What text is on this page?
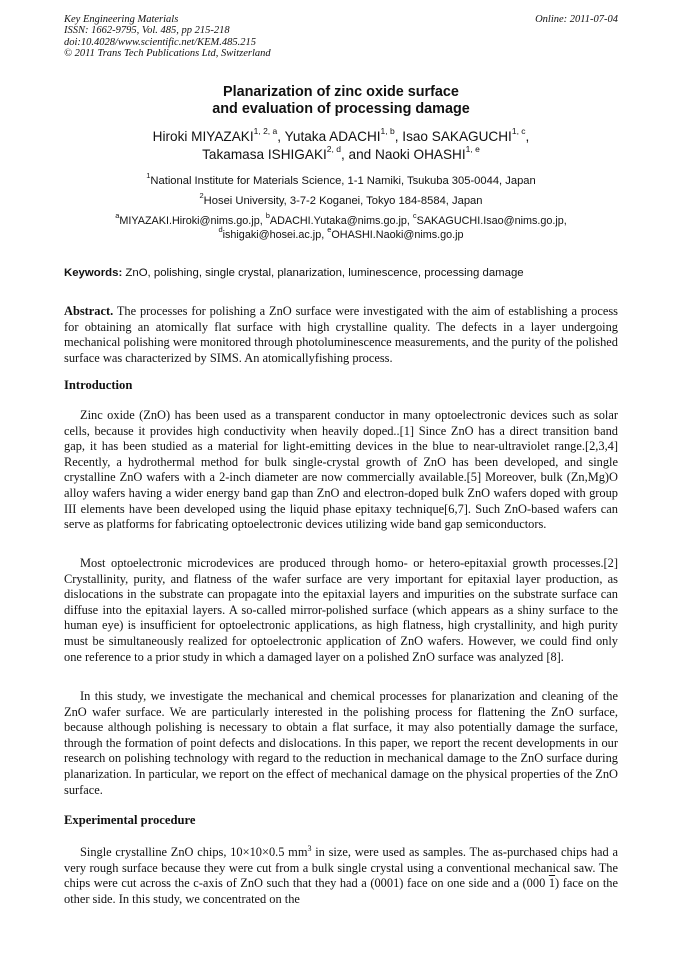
Key Engineering Materials
ISSN: 1662-9795, Vol. 485, pp 215-218
doi:10.4028/www.scientific.net/KEM.485.215
© 2011 Trans Tech Publications Ltd, Switzerland
Online: 2011-07-04
Planarization of zinc oxide surface
and evaluation of processing damage
Hiroki MIYAZAKI$^{1, 2, a}$, Yutaka ADACHI$^{1, b}$, Isao SAKAGUCHI$^{1, c}$,
Takamasa ISHIGAKI$^{2, d}$, and Naoki OHASHI$^{1, e}$
$^1$National Institute for Materials Science, 1-1 Namiki, Tsukuba 305-0044, Japan
$^2$Hosei University, 3-7-2 Koganei, Tokyo 184-8584, Japan
$^a$MIYAZAKI.Hiroki@nims.go.jp, $^b$ADACHI.Yutaka@nims.go.jp, $^c$SAKAGUCHI.Isao@nims.go.jp,
$^d$ishigaki@hosei.ac.jp, $^e$OHASHI.Naoki@nims.go.jp
Keywords: ZnO, polishing, single crystal, planarization, luminescence, processing damage
Abstract. The processes for polishing a ZnO surface were investigated with the aim of establishing a process for obtaining an atomically flat surface with high crystalline quality. The defects in a layer undergoing mechanical polishing were monitored through photoluminescence measurements, and the purity of the polished surface was characterized by SIMS. An atomicallyfishing process.
Introduction
Zinc oxide (ZnO) has been used as a transparent conductor in many optoelectronic devices such as solar cells, because it provides high conductivity when heavily doped..[1] Since ZnO has a direct transition band gap, it has been studied as a material for light-emitting devices in the blue to near-ultraviolet range.[2,3,4] Recently, a hydrothermal method for bulk single-crystal growth of ZnO has been developed, and single crystalline ZnO wafers with a 2-inch diameter are now commercially available.[5] Moreover, bulk (Zn,Mg)O alloy wafers having a wider energy band gap than ZnO and electron-doped bulk ZnO wafers doped with group III elements have been developed using the liquid phase epitaxy technique[6,7]. Such ZnO-based wafers can serve as platforms for fabricating optoelectronic devices utilizing wide band gap semiconductors.
Most optoelectronic microdevices are produced through homo- or hetero-epitaxial growth processes.[2] Crystallinity, purity, and flatness of the wafer surface are very important for epitaxial layer production, as dislocations in the substrate can propagate into the epitaxial layers and impurities on the substrate surface can diffuse into the epitaxial layers. A so-called mirror-polished surface (which appears as a shiny surface to the human eye) is insufficient for optoelectronic applications, as high flatness, high crystallinity, and high purity must be simultaneously realized for optoelectronic application of ZnO wafers. However, we could find only one reference to a prior study in which a damaged layer on a polished ZnO surface was analyzed [8].
In this study, we investigate the mechanical and chemical processes for planarization and cleaning of the ZnO wafer surface. We are particularly interested in the polishing process for flattening the ZnO surface, because although polishing is necessary to obtain a flat surface, it may also potentially damage the surface, through the formation of point defects and dislocations. In this paper, we report the recent developments in our research on polishing technology with regard to the reduction in mechanical damage to the ZnO surface during planarization. In particular, we report on the effect of mechanical damage on the physical properties of the ZnO surface.
Experimental procedure
Single crystalline ZnO chips, 10×10×0.5 $mm^3$ in size, were used as samples. The as-purchased chips had a very rough surface because they were cut from a bulk single crystal using a conventional mechanical saw. The chips were cut across the c-axis of ZnO such that they had a (0001) face on one side and a (000 1) face on the other side. In this study, we concentrated on the
